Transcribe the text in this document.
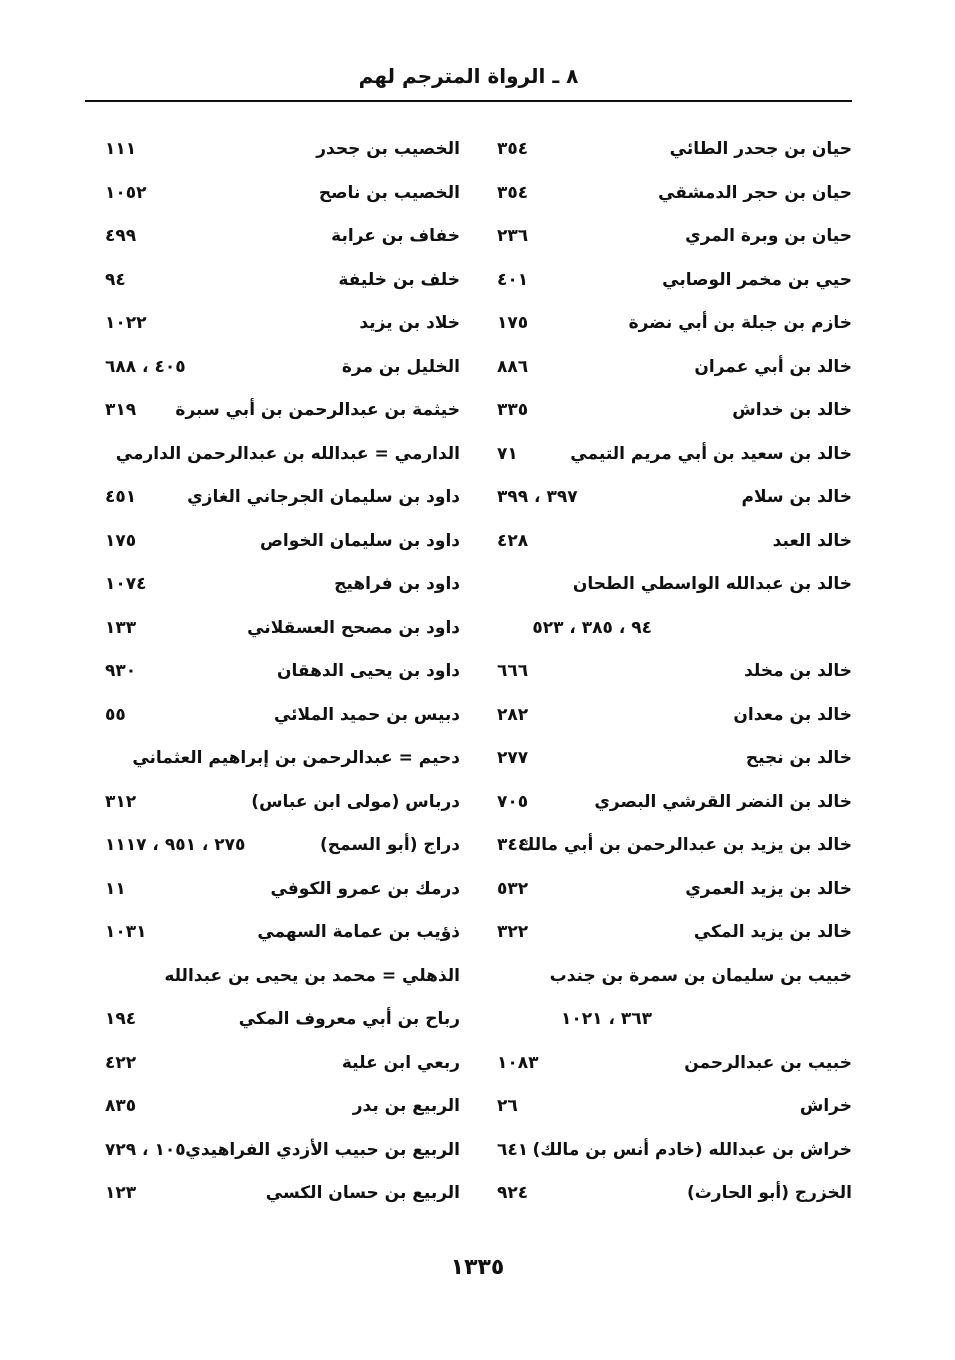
٨ ـ الرواة المترجم لهم
حيان بن جحدر الطائي
٣٥٤
حيان بن حجر الدمشقي
٣٥٤
حيان بن وبرة المري
٢٣٦
حيي بن مخمر الوصابي
٤٠١
خازم بن جبلة بن أبي نضرة
١٧٥
خالد بن أبي عمران
٨٨٦
خالد بن خداش
٣٣٥
خالد بن سعيد بن أبي مريم التيمي
٧١
خالد بن سلام
٣٩٧ ، ٣٩٩
خالد العبد
٤٢٨
خالد بن عبدالله الواسطي الطحان
٩٤ ، ٣٨٥ ، ٥٢٣
خالد بن مخلد
٦٦٦
خالد بن معدان
٢٨٢
خالد بن نجيح
٢٧٧
خالد بن النضر القرشي البصري
٧٠٥
خالد بن يزيد بن عبدالرحمن بن أبي مالك
٣٤٤
خالد بن يزيد العمري
٥٣٢
خالد بن يزيد المكي
٣٢٢
خبيب بن سليمان بن سمرة بن جندب
٣٦٣ ، ١٠٢١
خبيب بن عبدالرحمن
١٠٨٣
خراش
٢٦
خراش بن عبدالله (خادم أنس بن مالك)
٦٤١
الخزرج (أبو الحارث)
٩٢٤
الخصيب بن جحدر
١١١
الخصيب بن ناصح
١٠٥٢
خفاف بن عرابة
٤٩٩
خلف بن خليفة
٩٤
خلاد بن يزيد
١٠٢٢
الخليل بن مرة
٤٠٥ ، ٦٨٨
خيثمة بن عبدالرحمن بن أبي سبرة
٣١٩
الدارمي = عبدالله بن عبدالرحمن الدارمي
داود بن سليمان الجرجاني الغازي
٤٥١
داود بن سليمان الخواص
١٧٥
داود بن فراهيج
١٠٧٤
داود بن مصحح العسقلاني
١٣٣
داود بن يحيى الدهقان
٩٣٠
دبيس بن حميد الملائي
٥٥
دحيم = عبدالرحمن بن إبراهيم العثماني
درباس (مولى ابن عباس)
٣١٢
دراج (أبو السمح)
٢٧٥ ، ٩٥١ ، ١١١٧
درمك بن عمرو الكوفي
١١
ذؤيب بن عمامة السهمي
١٠٣١
الذهلي = محمد بن يحيى بن عبدالله
رباح بن أبي معروف المكي
١٩٤
ربعي ابن علية
٤٢٢
الربيع بن بدر
٨٣٥
الربيع بن حبيب الأزدي الفراهيدي
١٠٥ ، ٧٢٩
الربيع بن حسان الكسي
١٢٣
١٣٣٥
